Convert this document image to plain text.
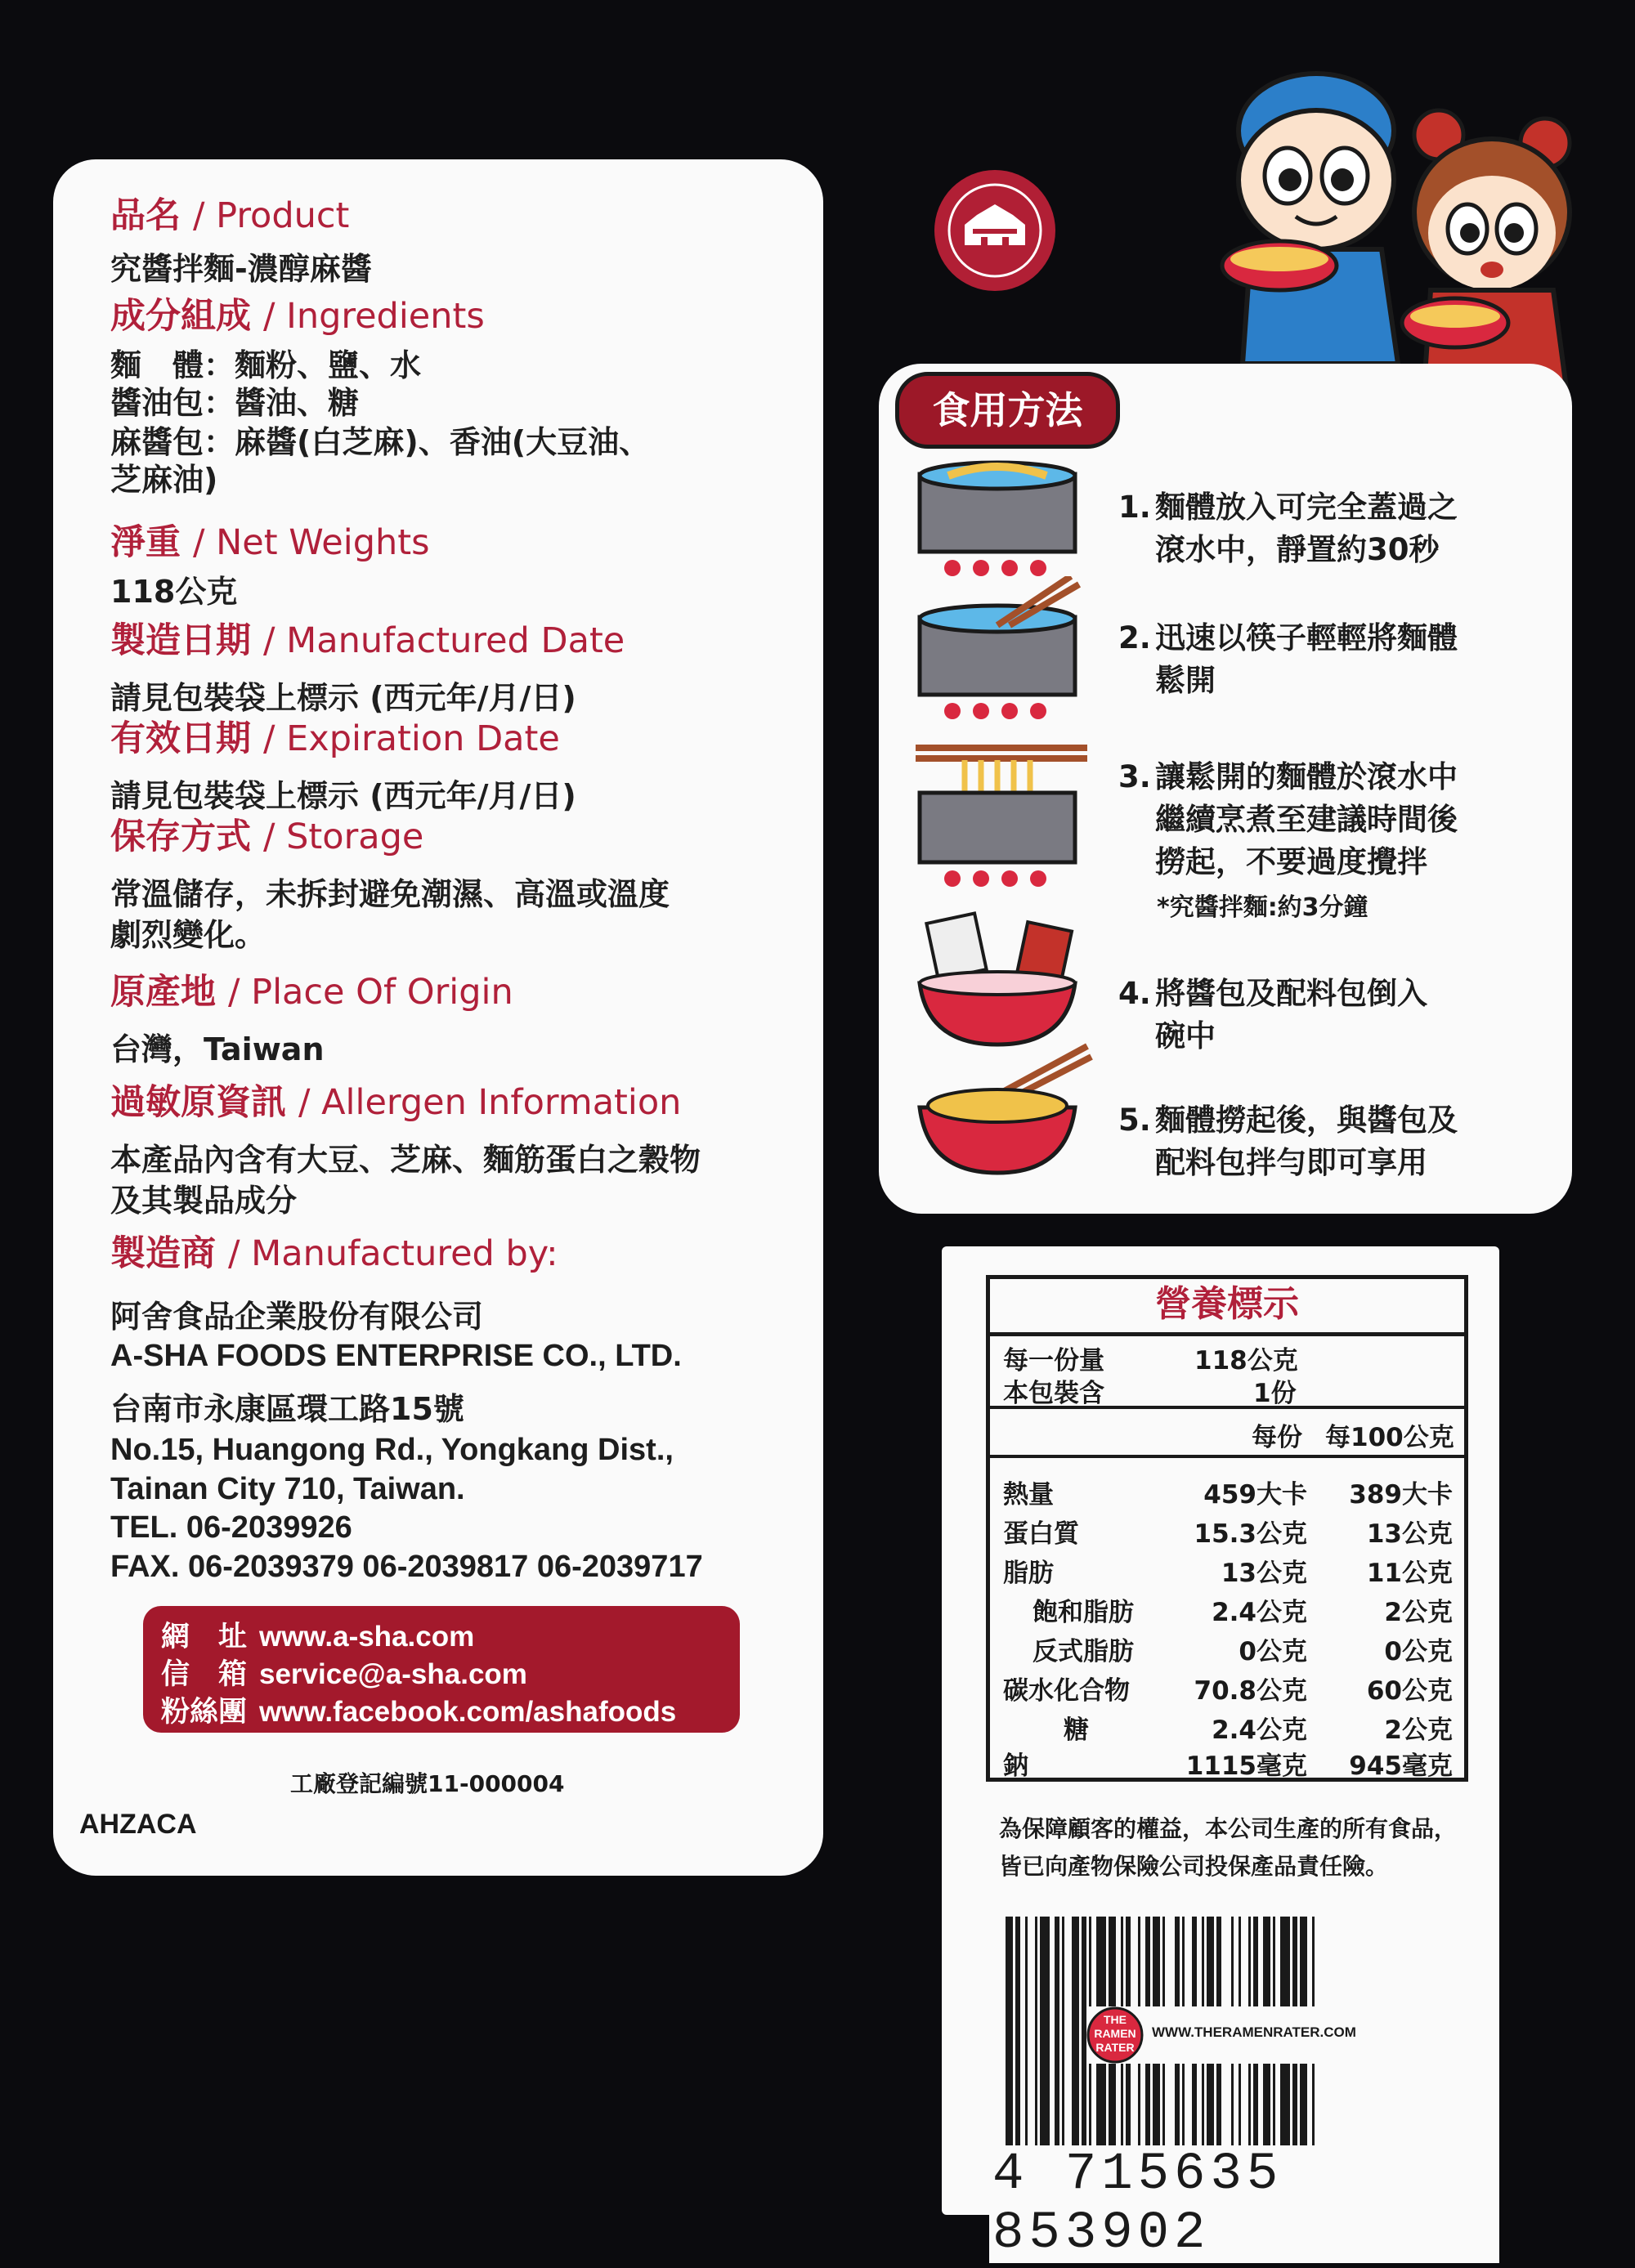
品名 / Product
究醬拌麵-濃醇麻醬
成分組成 / Ingredients
麵　體：麵粉、鹽、水
醬油包：醬油、糖
麻醬包：麻醬(白芝麻)、香油(大豆油、
芝麻油)
淨重 / Net Weights
118公克
製造日期 / Manufactured Date
請見包裝袋上標示 (西元年/月/日)
有效日期 / Expiration Date
請見包裝袋上標示 (西元年/月/日)
保存方式 / Storage
常溫儲存，未拆封避免潮濕、高溫或溫度
劇烈變化。
原產地 / Place Of Origin
台灣，Taiwan
過敏原資訊 / Allergen Information
本產品內含有大豆、芝麻、麵筋蛋白之穀物
及其製品成分
製造商 / Manufactured by:
阿舍食品企業股份有限公司
A-SHA FOODS ENTERPRISE CO., LTD.
台南市永康區環工路15號
No.15, Huangong Rd., Yongkang Dist.,
Tainan City 710, Taiwan.
TEL. 06-2039926
FAX. 06-2039379 06-2039817 06-2039717
網　址 www.a-sha.com
信　箱 service@a-sha.com
粉絲團 www.facebook.com/ashafoods
工廠登記編號11-000004
AHZACA
食用方法
1. 麵體放入可完全蓋過之
滾水中，靜置約30秒
2. 迅速以筷子輕輕將麵體
鬆開
3. 讓鬆開的麵體於滾水中
繼續烹煮至建議時間後
撈起，不要過度攪拌
*究醬拌麵:約3分鐘
4. 將醬包及配料包倒入
碗中
5. 麵體撈起後，與醬包及
配料包拌勻即可享用
營養標示
每一份量	118公克
本包裝含	1份
每份 每100公克
熱量	459大卡 389大卡
蛋白質	15.3公克 13公克
脂肪	13公克 11公克
飽和脂肪	2.4公克	2公克
反式脂肪	0公克	0公克
碳水化合物	70.8公克 60公克
糖	2.4公克	2公克
鈉	1115毫克 945毫克
為保障顧客的權益，本公司生產的所有食品，皆已向產物保險公司投保產品責任險。
THE RAMEN RATER
WWW.THERAMENRATER.COM
4 715635 853902
